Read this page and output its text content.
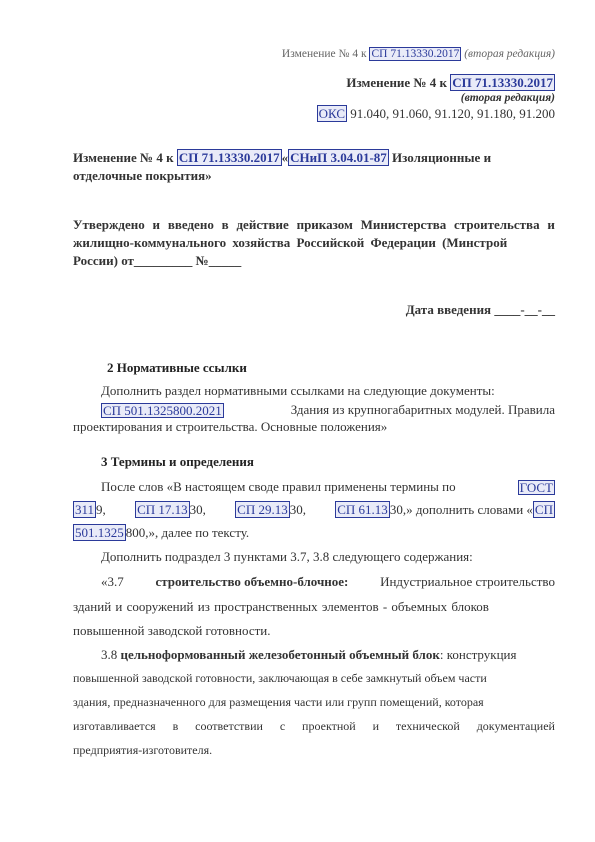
Изменение № 4 к СП 71.13330.2017 (вторая редакция)
Изменение № 4 к СП 71.13330.2017
(вторая редакция)
ОКС 91.040, 91.060, 91.120, 91.180, 91.200
Изменение № 4 к СП 71.13330.2017 « СНиП 3.04.01-87 Изоляционные и
отделочные покрытия»
Утверждено и введено в действие приказом Министерства строительства и
жилищно-коммунального хозяйства Российской Федерации (Минстрой
России) от_________ №_____
Дата введения ____-__-__
2 Нормативные ссылки
Дополнить раздел нормативными ссылками на следующие документы:
СП 501.1325800.2021	Здания из крупногабаритных модулей. Правила
проектирования и строительства. Основные положения»
3 Термины и определения
После слов «В настоящем своде правил применены термины по	ГОСТ
311 9, СП 17.13 30, СП 29.13 30, СП 61.13 30,» дополнить словами « СП
501.1325 800,», далее по тексту.
Дополнить подраздел 3 пунктами 3.7, 3.8 следующего содержания:
«3.7 строительство объемно-блочное: Индустриальное строительство
зданий и сооружений из пространственных элементов - объемных блоков
повышенной заводской готовности.
3.8 цельноформованный железобетонный объемный блок: конструкция
повышенной заводской готовности, заключающая в себе замкнутый объем части
здания, предназначенного для размещения части или групп помещений, которая
изготавливается в соответствии с проектной и технической документацией
предприятия-изготовителя.
